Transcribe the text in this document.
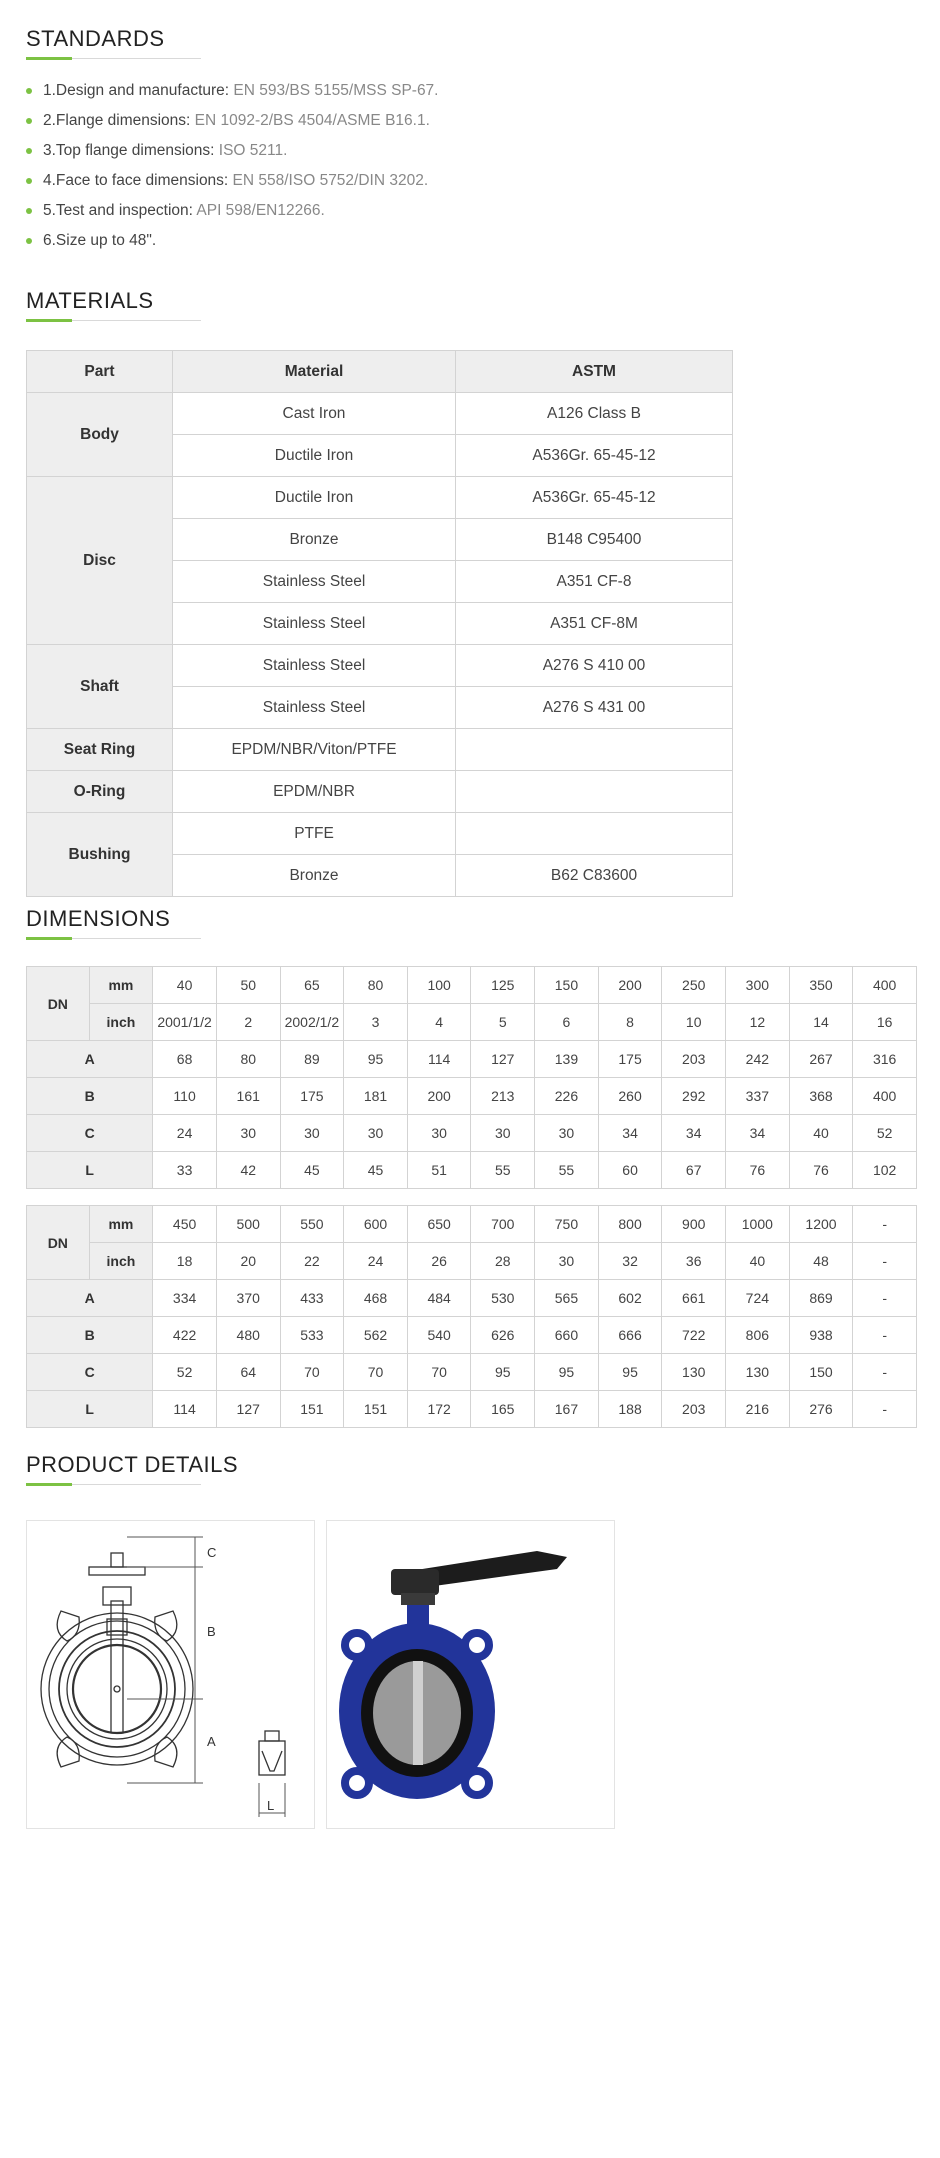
STANDARDS
1.Design and manufacture: EN 593/BS 5155/MSS SP-67.
2.Flange dimensions: EN 1092-2/BS 4504/ASME B16.1.
3.Top flange dimensions: ISO 5211.
4.Face to face dimensions: EN 558/ISO 5752/DIN 3202.
5.Test and inspection: API 598/EN12266.
6.Size up to 48".
MATERIALS
Part	Material	ASTM
Body	Cast Iron	A126 Class B
	Ductile Iron	A536Gr. 65-45-12
Disc	Ductile Iron	A536Gr. 65-45-12
	Bronze	B148 C95400
	Stainless Steel	A351 CF-8
	Stainless Steel	A351 CF-8M
Shaft	Stainless Steel	A276 S 410 00
	Stainless Steel	A276 S 431 00
Seat Ring	EPDM/NBR/Viton/PTFE	
O-Ring	EPDM/NBR	
Bushing	PTFE	
	Bronze	B62 C83600
DIMENSIONS
DN	mm	40	50	65	80	100	125	150	200	250	300	350	400
	inch	2001/1/2	2	2002/1/2	3	4	5	6	8	10	12	14	16
A		68	80	89	95	114	127	139	175	203	242	267	316
B		110	161	175	181	200	213	226	260	292	337	368	400
C		24	30	30	30	30	30	30	34	34	34	40	52
L		33	42	45	45	51	55	55	60	67	76	76	102
DN	mm	450	500	550	600	650	700	750	800	900	1000	1200	-
	inch	18	20	22	24	26	28	30	32	36	40	48	-
A		334	370	433	468	484	530	565	602	661	724	869	-
B		422	480	533	562	540	626	660	666	722	806	938	-
C		52	64	70	70	70	95	95	95	130	130	150	-
L		114	127	151	151	172	165	167	188	203	216	276	-
PRODUCT DETAILS
C
B
A
L
